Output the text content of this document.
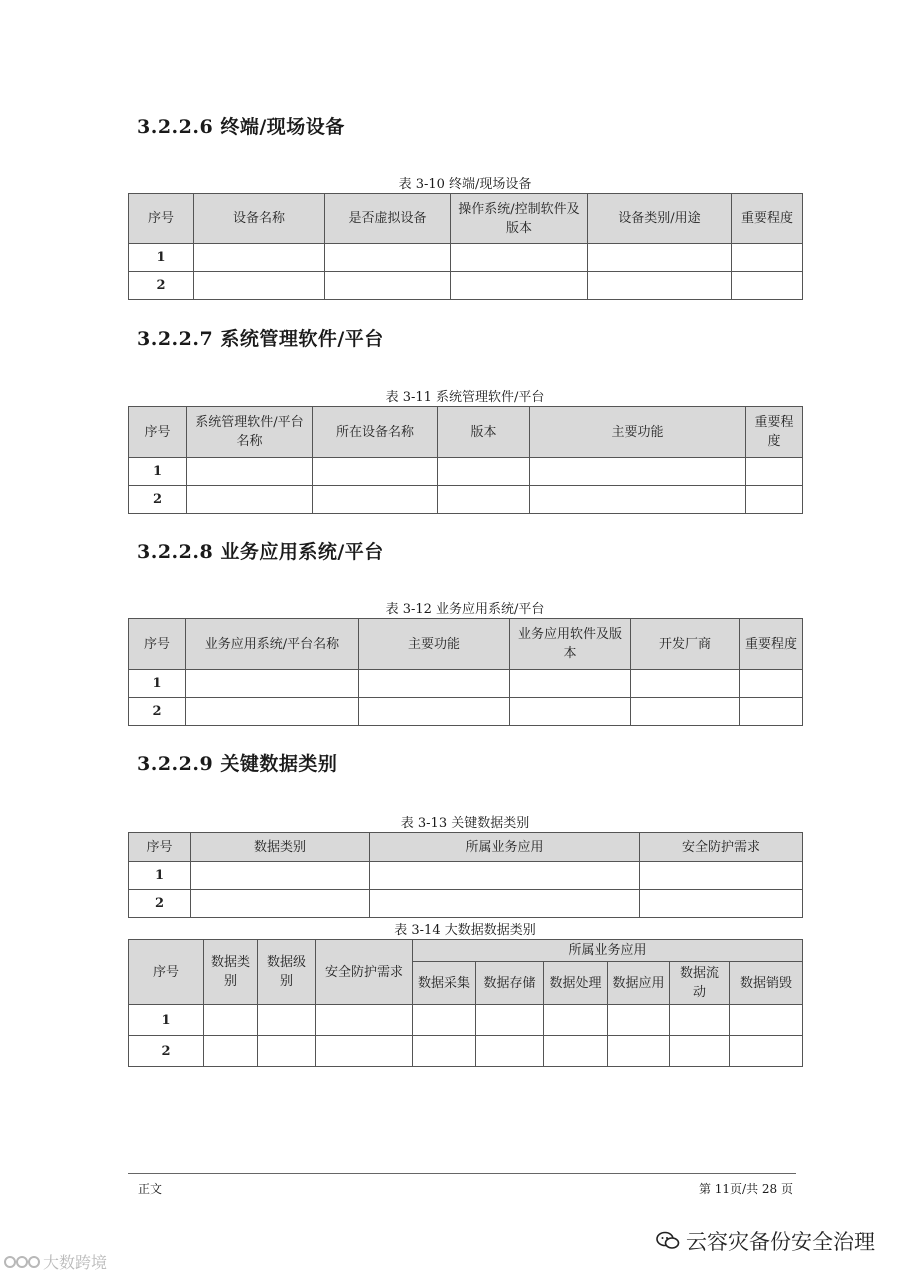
3.2.2.6 终端/现场设备
表 3-10 终端/现场设备
序号	设备名称	是否虚拟设备	操作系统/控制软件及版本	设备类别/用途	重要程度
1					
2					
3.2.2.7 系统管理软件/平台
表 3-11 系统管理软件/平台
序号	系统管理软件/平台名称	所在设备名称	版本	主要功能	重要程度
1					
2					
3.2.2.8 业务应用系统/平台
表 3-12 业务应用系统/平台
序号	业务应用系统/平台名称	主要功能	业务应用软件及版本	开发厂商	重要程度
1					
2					
3.2.2.9 关键数据类别
表 3-13 关键数据类别
序号	数据类别	所属业务应用	安全防护需求
1			
2			
表 3-14 大数据数据类别
序号	数据类别	数据级别	安全防护需求	所属业务应用					
				数据采集	数据存储	数据处理	数据应用	数据流动	数据销毁
1									
2									
正文	第 11页/共 28 页
云容灾备份安全治理
大数跨境
